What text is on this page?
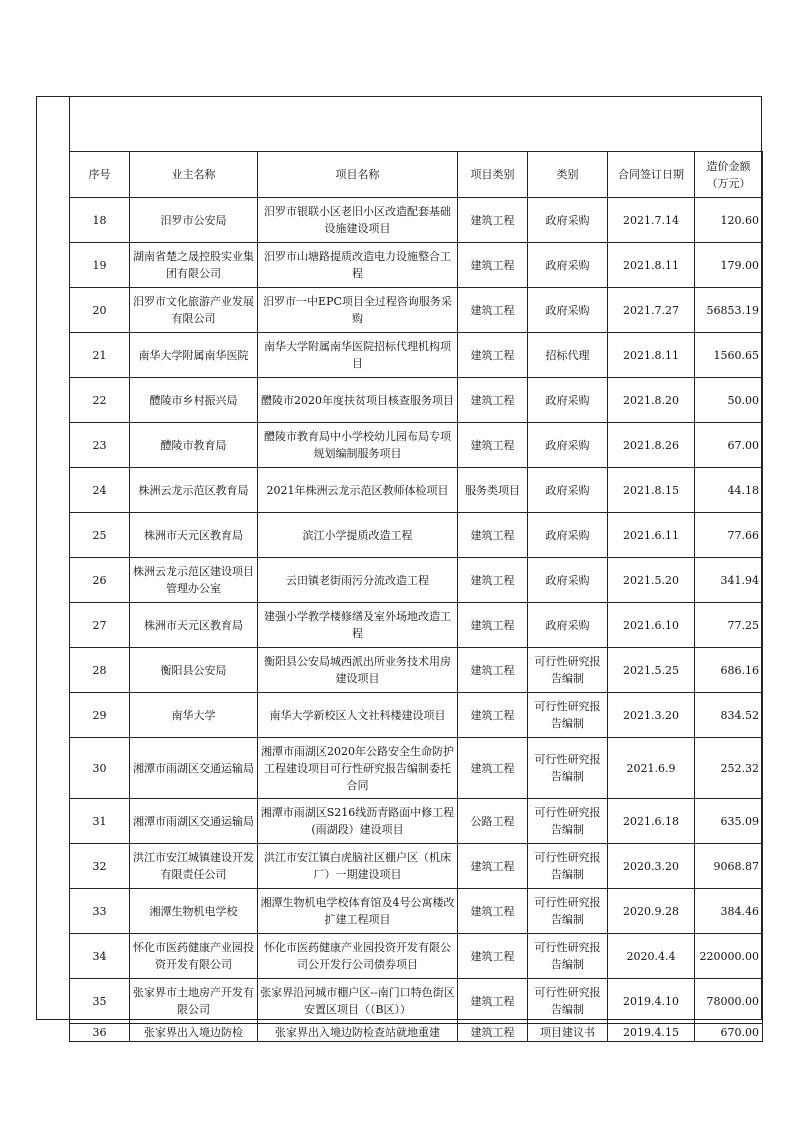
序号	业主名称	项目名称	项目类别	类别	合同签订日期	造价金额（万元）
18	汨罗市公安局	汨罗市银联小区老旧小区改造配套基础设施建设项目	建筑工程	政府采购	2021.7.14	120.60
19	湖南省楚之晟控股实业集团有限公司	汨罗市山塘路提质改造电力设施整合工程	建筑工程	政府采购	2021.8.11	179.00
20	汨罗市文化旅游产业发展有限公司	汨罗市一中EPC项目全过程咨询服务采购	建筑工程	政府采购	2021.7.27	56853.19
21	南华大学附属南华医院	南华大学附属南华医院招标代理机构项目	建筑工程	招标代理	2021.8.11	1560.65
22	醴陵市乡村振兴局	醴陵市2020年度扶贫项目核查服务项目	建筑工程	政府采购	2021.8.20	50.00
23	醴陵市教育局	醴陵市教育局中小学校幼儿园布局专项规划编制服务项目	建筑工程	政府采购	2021.8.26	67.00
24	株洲云龙示范区教育局	2021年株洲云龙示范区教师体检项目	服务类项目	政府采购	2021.8.15	44.18
25	株洲市天元区教育局	滨江小学提质改造工程	建筑工程	政府采购	2021.6.11	77.66
26	株洲云龙示范区建设项目管理办公室	云田镇老街雨污分流改造工程	建筑工程	政府采购	2021.5.20	341.94
27	株洲市天元区教育局	建强小学教学楼修缮及室外场地改造工程	建筑工程	政府采购	2021.6.10	77.25
28	衡阳县公安局	衡阳县公安局城西派出所业务技术用房建设项目	建筑工程	可行性研究报告编制	2021.5.25	686.16
29	南华大学	南华大学新校区人文社科楼建设项目	建筑工程	可行性研究报告编制	2021.3.20	834.52
30	湘潭市雨湖区交通运输局	湘潭市雨湖区2020年公路安全生命防护工程建设项目可行性研究报告编制委托合同	建筑工程	可行性研究报告编制	2021.6.9	252.32
31	湘潭市雨湖区交通运输局	湘潭市雨湖区S216线沥青路面中修工程(雨湖段）建设项目	公路工程	可行性研究报告编制	2021.6.18	635.09
32	洪江市安江城镇建设开发有限责任公司	洪江市安江镇白虎脑社区棚户区（机床厂）一期建设项目	建筑工程	可行性研究报告编制	2020.3.20	9068.87
33	湘潭生物机电学校	湘潭生物机电学校体育馆及4号公寓楼改扩建工程项目	建筑工程	可行性研究报告编制	2020.9.28	384.46
34	怀化市医药健康产业园投资开发有限公司	怀化市医药健康产业园投资开发有限公司公开发行公司债券项目	建筑工程	可行性研究报告编制	2020.4.4	220000.00
35	张家界市土地房产开发有限公司	张家界沿河城市棚户区--南门口特色街区安置区项目（（B区））	建筑工程	可行性研究报告编制	2019.4.10	78000.00
36	张家界出入境边防检	张家界出入境边防检查站就地重建	建筑工程	项目建议书	2019.4.15	670.00
